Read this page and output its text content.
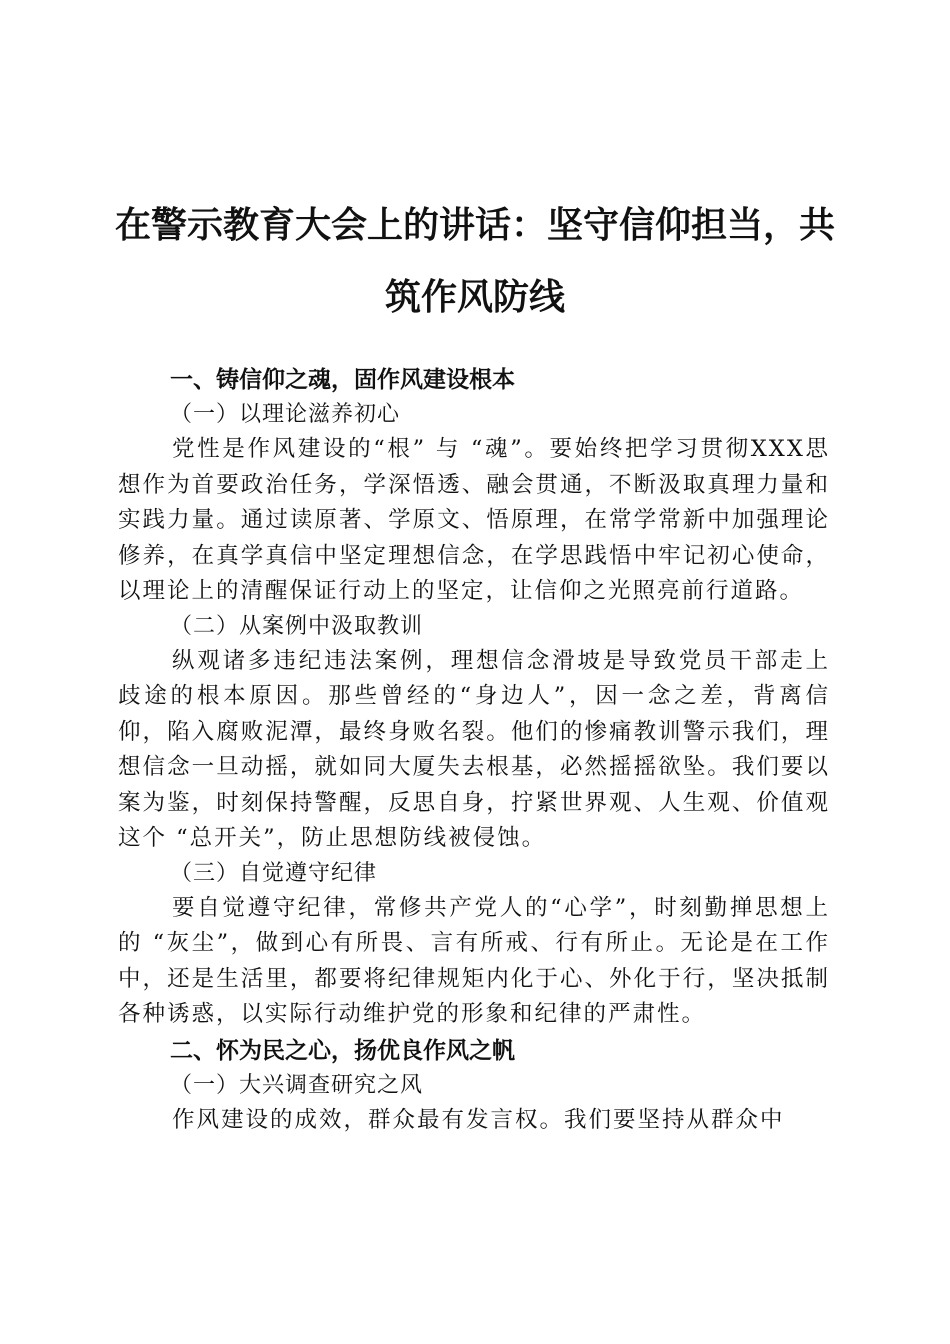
在警示教育大会上的讲话：坚守信仰担当，共
筑作风防线

一、铸信仰之魂，固作风建设根本

（一）以理论滋养初心

党性是作风建设的“根” 与 “魂”。要始终把学习贯彻XXX思想作为首要政治任务，学深悟透、融会贯通，不断汲取真理力量和实践力量。通过读原著、学原文、悟原理，在常学常新中加强理论修养，在真学真信中坚定理想信念，在学思践悟中牢记初心使命，以理论上的清醒保证行动上的坚定，让信仰之光照亮前行道路。

（二）从案例中汲取教训

纵观诸多违纪违法案例，理想信念滑坡是导致党员干部走上歧途的根本原因。那些曾经的“身边人”，因一念之差，背离信仰，陷入腐败泥潭，最终身败名裂。他们的惨痛教训警示我们，理想信念一旦动摇，就如同大厦失去根基，必然摇摇欲坠。我们要以案为鉴，时刻保持警醒，反思自身，拧紧世界观、人生观、价值观这个 “总开关”，防止思想防线被侵蚀。

（三）自觉遵守纪律

要自觉遵守纪律，常修共产党人的“心学”，时刻勤掸思想上的 “灰尘”，做到心有所畏、言有所戒、行有所止。无论是在工作中，还是生活里，都要将纪律规矩内化于心、外化于行，坚决抵制各种诱惑，以实际行动维护党的形象和纪律的严肃性。

二、怀为民之心，扬优良作风之帆

（一）大兴调查研究之风

作风建设的成效，群众最有发言权。我们要坚持从群众中
